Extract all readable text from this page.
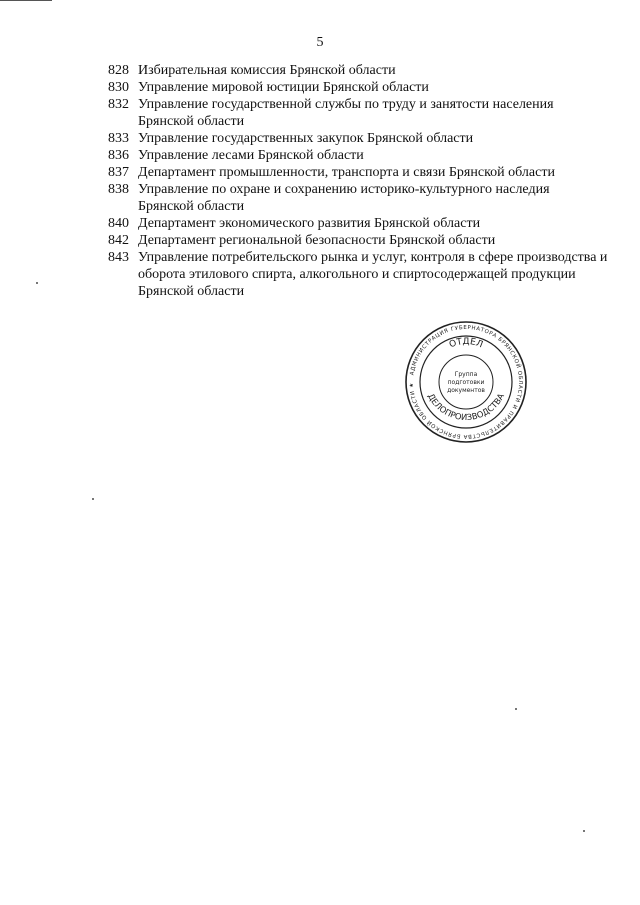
5
828 Избирательная комиссия Брянской области
830 Управление мировой юстиции Брянской области
832 Управление государственной службы по труду и занятости населения Брянской области
833 Управление государственных закупок Брянской области
836 Управление лесами Брянской области
837 Департамент промышленности, транспорта и связи Брянской области
838 Управление по охране и сохранению историко-культурного наследия Брянской области
840 Департамент экономического развития Брянской области
842 Департамент региональной безопасности Брянской области
843 Управление потребительского рынка и услуг, контроля в сфере производства и оборота этилового спирта, алкогольного и спиртосодержащей продукции Брянской области
АДМИНИСТРАЦИЯ ГУБЕРНАТОРА БРЯНСКОЙ ОБЛАСТИ И ПРАВИТЕЛЬСТВА БРЯНСКОЙ ОБЛАСТИ ★
ОТДЕЛ
ДЕЛОПРОИЗВОДСТВА
Группа
подготовки
документов
